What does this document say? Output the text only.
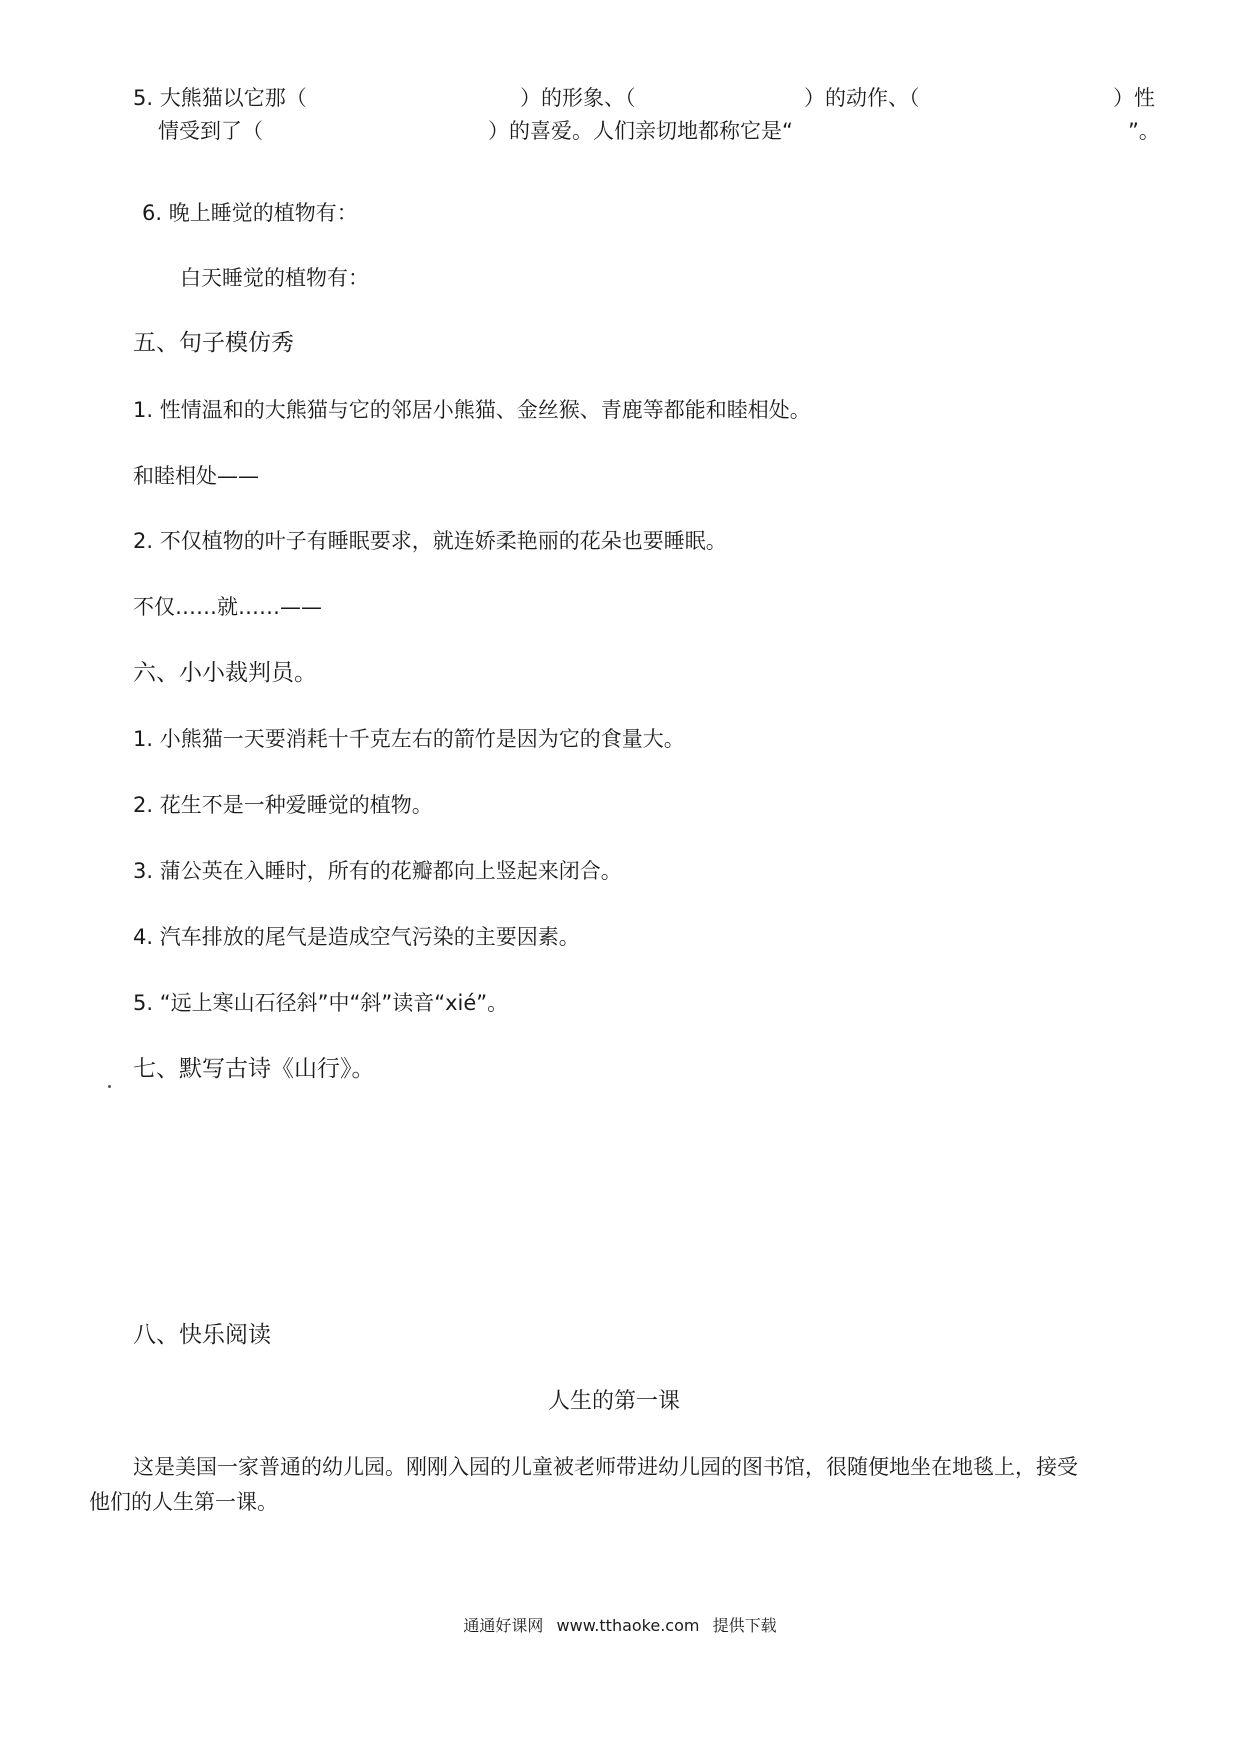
5. 大熊猫以它那（	）的形象、（	）的动作、（	）性
情受到了（	）的喜爱。人们亲切地都称它是“	”。
6. 晚上睡觉的植物有：
白天睡觉的植物有：
五、句子模仿秀
1. 性情温和的大熊猫与它的邻居小熊猫、金丝猴、青鹿等都能和睦相处。
和睦相处——
2. 不仅植物的叶子有睡眠要求，就连娇柔艳丽的花朵也要睡眠。
不仅……就……——
六、小小裁判员。
1. 小熊猫一天要消耗十千克左右的箭竹是因为它的食量大。
2. 花生不是一种爱睡觉的植物。
3. 蒲公英在入睡时，所有的花瓣都向上竖起来闭合。
4. 汽车排放的尾气是造成空气污染的主要因素。
5. “远上寒山石径斜”中“斜”读音“xié”。
七、默写古诗《山行》。
八、快乐阅读
人生的第一课
这是美国一家普通的幼儿园。刚刚入园的儿童被老师带进幼儿园的图书馆，很随便地坐在地毯上，接受
他们的人生第一课。
通通好课网 www.tthaoke.com 提供下载
